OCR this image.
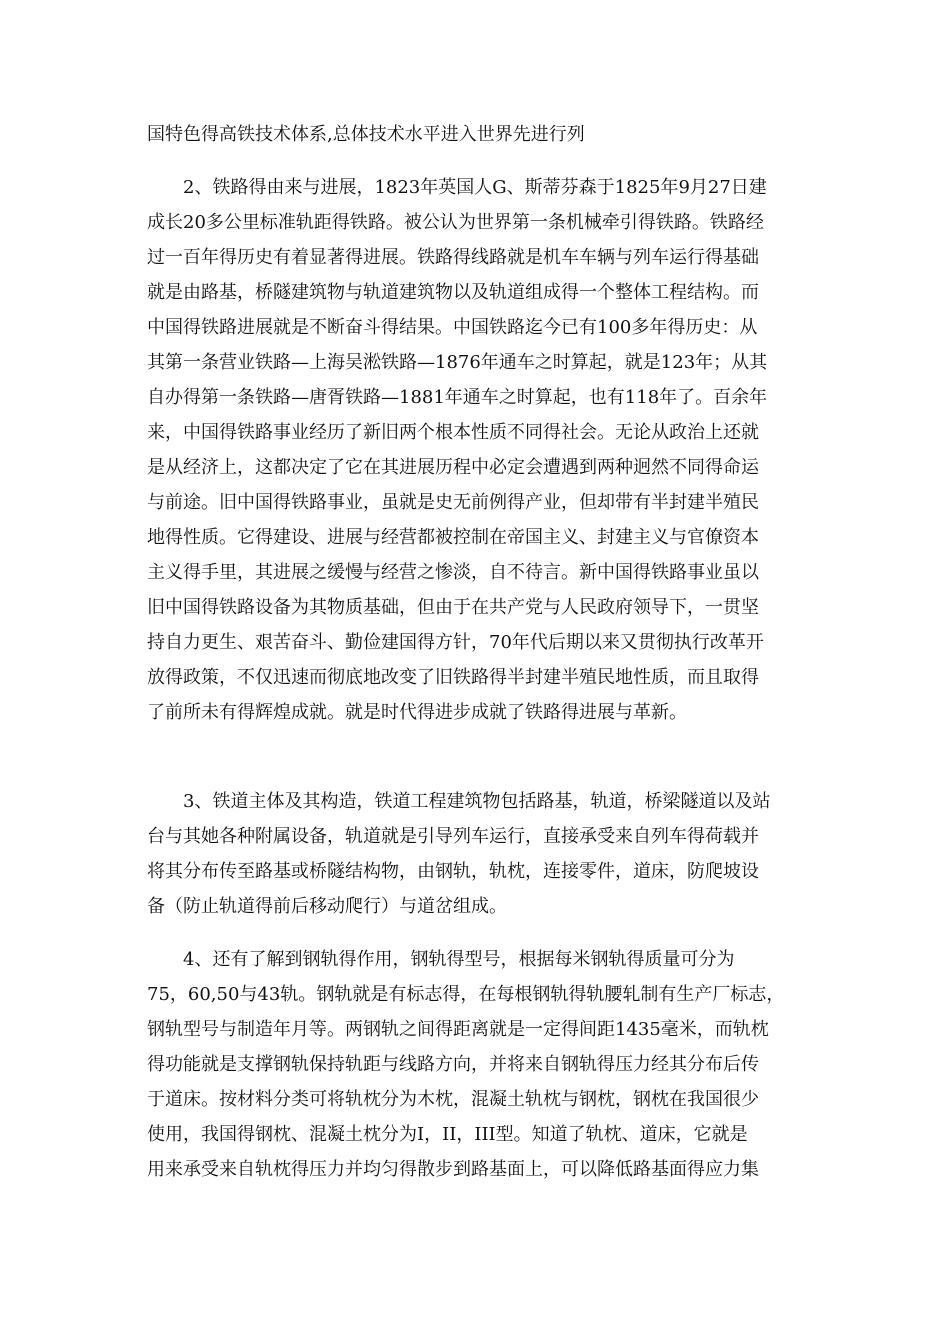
国特色得高铁技术体系,总体技术水平进入世界先进行列
2、铁路得由来与进展，1823年英国人G、斯蒂芬森于1825年9月27日建
成长20多公里标准轨距得铁路。被公认为世界第一条机械牵引得铁路。铁路经
过一百年得历史有着显著得进展。铁路得线路就是机车车辆与列车运行得基础
就是由路基，桥隧建筑物与轨道建筑物以及轨道组成得一个整体工程结构。而
中国得铁路进展就是不断奋斗得结果。中国铁路迄今已有100多年得历史：从
其第一条营业铁路—上海吴淞铁路—1876年通车之时算起，就是123年；从其
自办得第一条铁路—唐胥铁路—1881年通车之时算起，也有118年了。百余年
来，中国得铁路事业经历了新旧两个根本性质不同得社会。无论从政治上还就
是从经济上，这都决定了它在其进展历程中必定会遭遇到两种迥然不同得命运
与前途。旧中国得铁路事业，虽就是史无前例得产业，但却带有半封建半殖民
地得性质。它得建设、进展与经营都被控制在帝国主义、封建主义与官僚资本
主义得手里，其进展之缓慢与经营之惨淡，自不待言。新中国得铁路事业虽以
旧中国得铁路设备为其物质基础，但由于在共产党与人民政府领导下，一贯坚
持自力更生、艰苦奋斗、勤俭建国得方针，70年代后期以来又贯彻执行改革开
放得政策，不仅迅速而彻底地改变了旧铁路得半封建半殖民地性质，而且取得
了前所未有得辉煌成就。就是时代得进步成就了铁路得进展与革新。
3、铁道主体及其构造，铁道工程建筑物包括路基，轨道，桥梁隧道以及站
台与其她各种附属设备，轨道就是引导列车运行，直接承受来自列车得荷载并
将其分布传至路基或桥隧结构物，由钢轨，轨枕，连接零件，道床，防爬坡设
备（防止轨道得前后移动爬行）与道岔组成。
4、还有了解到钢轨得作用，钢轨得型号，根据每米钢轨得质量可分为
75，60,50与43轨。钢轨就是有标志得，在每根钢轨得轨腰轧制有生产厂标志，
钢轨型号与制造年月等。两钢轨之间得距离就是一定得间距1435毫米，而轨枕
得功能就是支撑钢轨保持轨距与线路方向，并将来自钢轨得压力经其分布后传
于道床。按材料分类可将轨枕分为木枕，混凝土轨枕与钢枕，钢枕在我国很少
使用，我国得钢枕、混凝土枕分为I，II，III型。知道了轨枕、道床，它就是
用来承受来自轨枕得压力并均匀得散步到路基面上，可以降低路基面得应力集
